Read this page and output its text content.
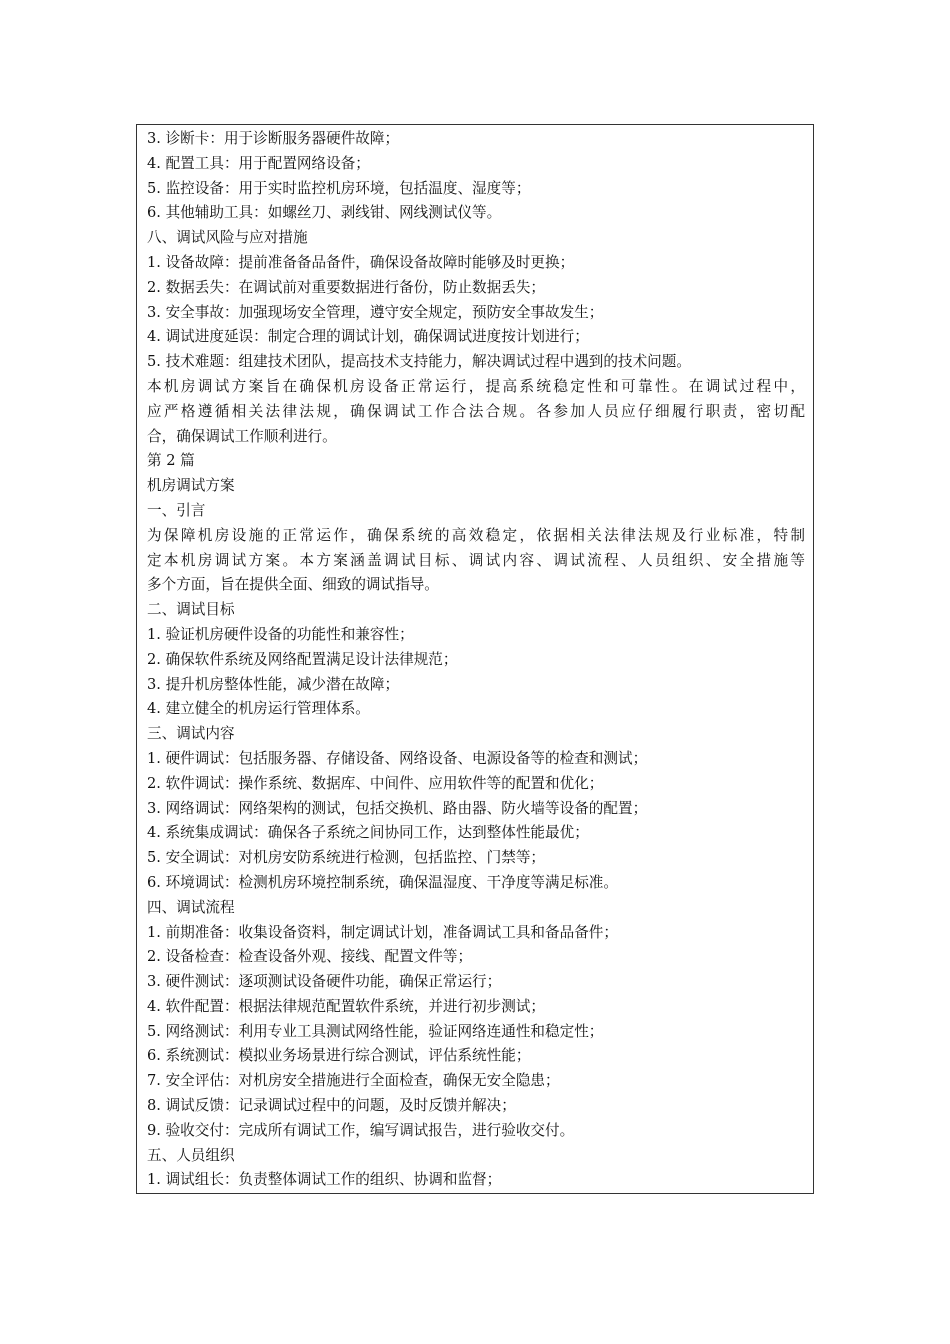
3. 诊断卡：用于诊断服务器硬件故障；
4. 配置工具：用于配置网络设备；
5. 监控设备：用于实时监控机房环境，包括温度、湿度等；
6. 其他辅助工具：如螺丝刀、剥线钳、网线测试仪等。
八、调试风险与应对措施
1. 设备故障：提前准备备品备件，确保设备故障时能够及时更换；
2. 数据丢失：在调试前对重要数据进行备份，防止数据丢失；
3. 安全事故：加强现场安全管理，遵守安全规定，预防安全事故发生；
4. 调试进度延误：制定合理的调试计划，确保调试进度按计划进行；
5. 技术难题：组建技术团队，提高技术支持能力，解决调试过程中遇到的技术问题。
本机房调试方案旨在确保机房设备正常运行，提高系统稳定性和可靠性。在调试过程中，
应严格遵循相关法律法规，确保调试工作合法合规。各参加人员应仔细履行职责，密切配
合，确保调试工作顺利进行。
第 2 篇
机房调试方案
一、引言
为保障机房设施的正常运作，确保系统的高效稳定，依据相关法律法规及行业标准，特制
定本机房调试方案。本方案涵盖调试目标、调试内容、调试流程、人员组织、安全措施等
多个方面，旨在提供全面、细致的调试指导。
二、调试目标
1. 验证机房硬件设备的功能性和兼容性；
2. 确保软件系统及网络配置满足设计法律规范；
3. 提升机房整体性能，减少潜在故障；
4. 建立健全的机房运行管理体系。
三、调试内容
1. 硬件调试：包括服务器、存储设备、网络设备、电源设备等的检查和测试；
2. 软件调试：操作系统、数据库、中间件、应用软件等的配置和优化；
3. 网络调试：网络架构的测试，包括交换机、路由器、防火墙等设备的配置；
4. 系统集成调试：确保各子系统之间协同工作，达到整体性能最优；
5. 安全调试：对机房安防系统进行检测，包括监控、门禁等；
6. 环境调试：检测机房环境控制系统，确保温湿度、干净度等满足标准。
四、调试流程
1. 前期准备：收集设备资料，制定调试计划，准备调试工具和备品备件；
2. 设备检查：检查设备外观、接线、配置文件等；
3. 硬件测试：逐项测试设备硬件功能，确保正常运行；
4. 软件配置：根据法律规范配置软件系统，并进行初步测试；
5. 网络测试：利用专业工具测试网络性能，验证网络连通性和稳定性；
6. 系统测试：模拟业务场景进行综合测试，评估系统性能；
7. 安全评估：对机房安全措施进行全面检查，确保无安全隐患；
8. 调试反馈：记录调试过程中的问题，及时反馈并解决；
9. 验收交付：完成所有调试工作，编写调试报告，进行验收交付。
五、人员组织
1. 调试组长：负责整体调试工作的组织、协调和监督；
